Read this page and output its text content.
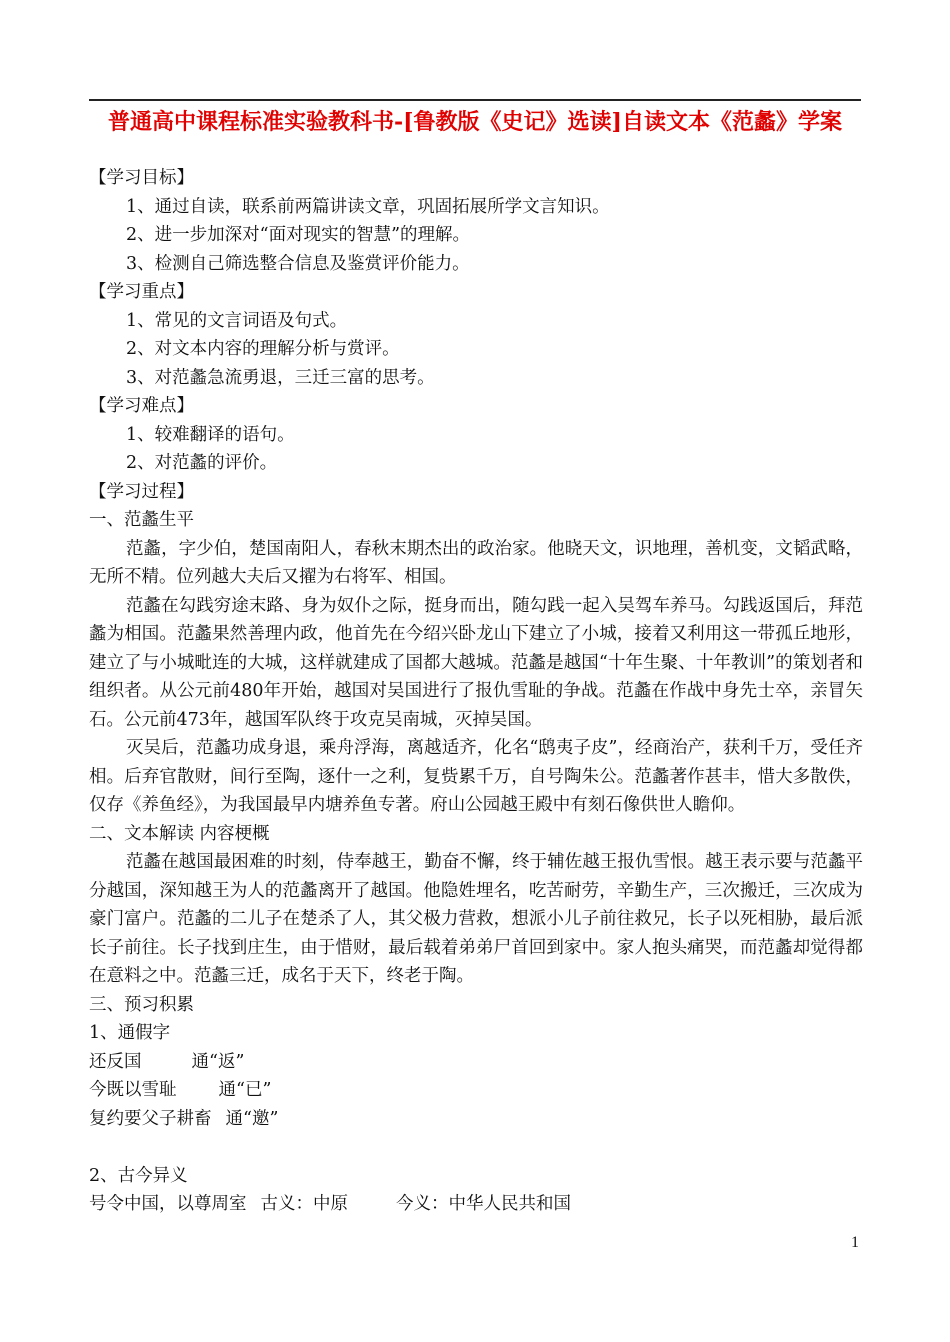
普通高中课程标准实验教科书-[鲁教版《史记》选读]自读文本《范蠡》学案
【学习目标】
1、通过自读，联系前两篇讲读文章，巩固拓展所学文言知识。
2、进一步加深对“面对现实的智慧”的理解。
3、检测自己筛选整合信息及鉴赏评价能力。
【学习重点】
1、常见的文言词语及句式。
2、对文本内容的理解分析与赏评。
3、对范蠡急流勇退，三迁三富的思考。
【学习难点】
1、较难翻译的语句。
2、对范蠡的评价。
【学习过程】
一、范蠡生平

范蠡，字少伯，楚国南阳人，春秋末期杰出的政治家。他晓天文，识地理，善机变，文韬武略，无所不精。位列越大夫后又擢为右将军、相国。

范蠡在勾践穷途末路、身为奴仆之际，挺身而出，随勾践一起入吴驾车养马。勾践返国后，拜范蠡为相国。范蠡果然善理内政，他首先在今绍兴卧龙山下建立了小城，接着又利用这一带孤丘地形，建立了与小城毗连的大城，这样就建成了国都大越城。范蠡是越国“十年生聚、十年教训”的策划者和组织者。从公元前480年开始，越国对吴国进行了报仇雪耻的争战。范蠡在作战中身先士卒，亲冒矢石。公元前473年，越国军队终于攻克吴南城，灭掉吴国。

灭吴后，范蠡功成身退，乘舟浮海，离越适齐，化名“鸱夷子皮”，经商治产，获利千万，受任齐相。后弃官散财，间行至陶，逐什一之利，复赀累千万，自号陶朱公。范蠡著作甚丰，惜大多散佚，仅存《养鱼经》，为我国最早内塘养鱼专著。府山公园越王殿中有刻石像供世人瞻仰。

二、文本解读 内容梗概

范蠡在越国最困难的时刻，侍奉越王，勤奋不懈，终于辅佐越王报仇雪恨。越王表示要与范蠡平分越国，深知越王为人的范蠡离开了越国。他隐姓埋名，吃苦耐劳，辛勤生产，三次搬迁，三次成为豪门富户。范蠡的二儿子在楚杀了人，其父极力营救，想派小儿子前往救兄，长子以死相胁，最后派长子前往。长子找到庄生，由于惜财，最后载着弟弟尸首回到家中。家人抱头痛哭，而范蠡却觉得都在意料之中。范蠡三迁，成名于天下，终老于陶。

三、预习积累
1、通假字
还反国	通“返”
今既以雪耻 通“已”
复约要父子耕畜 通“邀”
2、古今异义
号令中国，以尊周室 古义：中原	今义：中华人民共和国
1
